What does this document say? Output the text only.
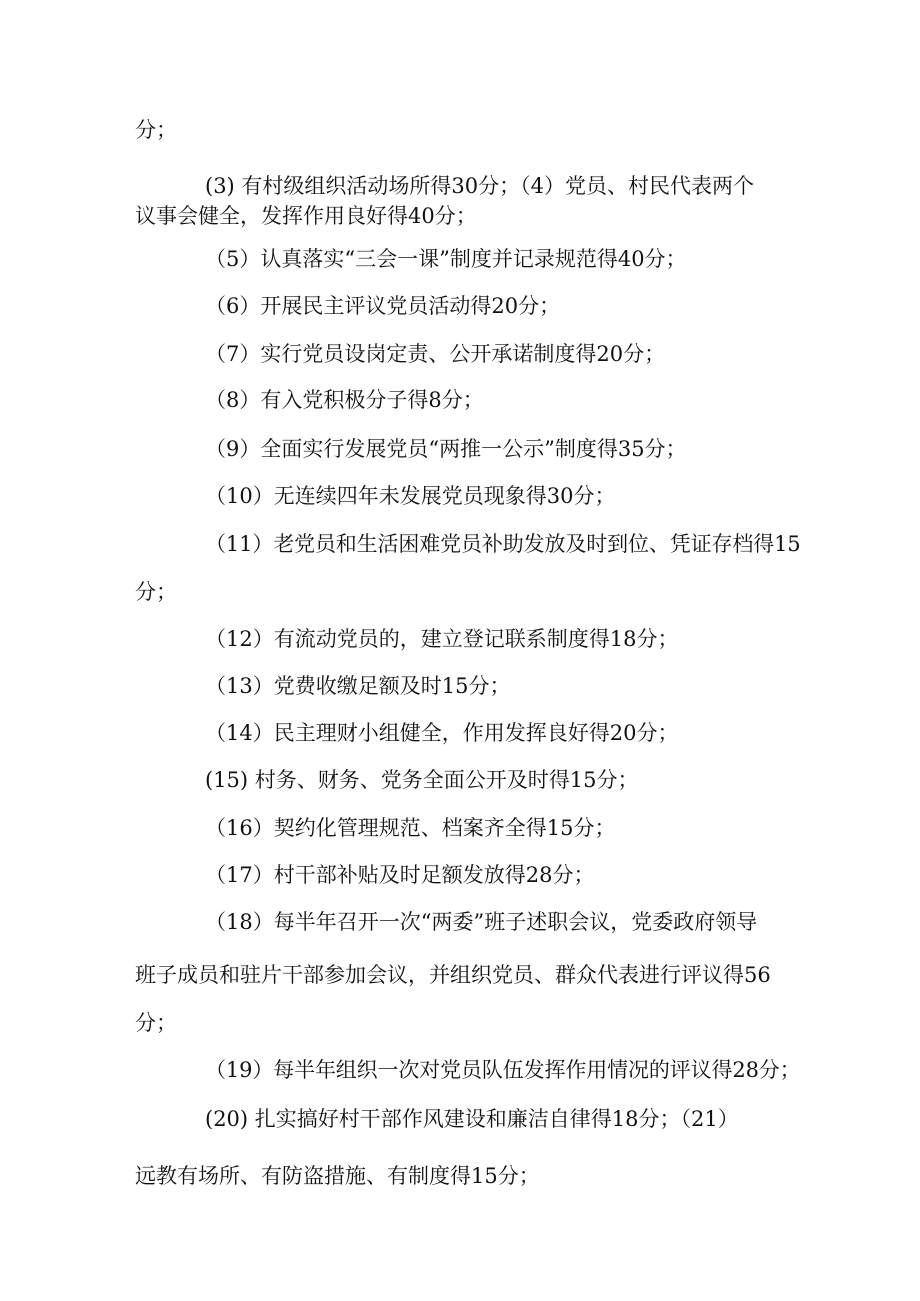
分；
(3) 有村级组织活动场所得30分；（4）党员、村民代表两个
议事会健全，发挥作用良好得40分；
（5）认真落实“三会一课”制度并记录规范得40分；
（6）开展民主评议党员活动得20分；
（7）实行党员设岗定责、公开承诺制度得20分；
（8）有入党积极分子得8分；
（9）全面实行发展党员“两推一公示”制度得35分；
（10）无连续四年未发展党员现象得30分；
（11）老党员和生活困难党员补助发放及时到位、凭证存档得15
分；
（12）有流动党员的，建立登记联系制度得18分；
（13）党费收缴足额及时15分；
（14）民主理财小组健全，作用发挥良好得20分；
(15) 村务、财务、党务全面公开及时得15分；
（16）契约化管理规范、档案齐全得15分；
（17）村干部补贴及时足额发放得28分；
（18）每半年召开一次“两委”班子述职会议，党委政府领导
班子成员和驻片干部参加会议，并组织党员、群众代表进行评议得56
分；
（19）每半年组织一次对党员队伍发挥作用情况的评议得28分；
(20) 扎实搞好村干部作风建设和廉洁自律得18分；（21）
远教有场所、有防盗措施、有制度得15分；
